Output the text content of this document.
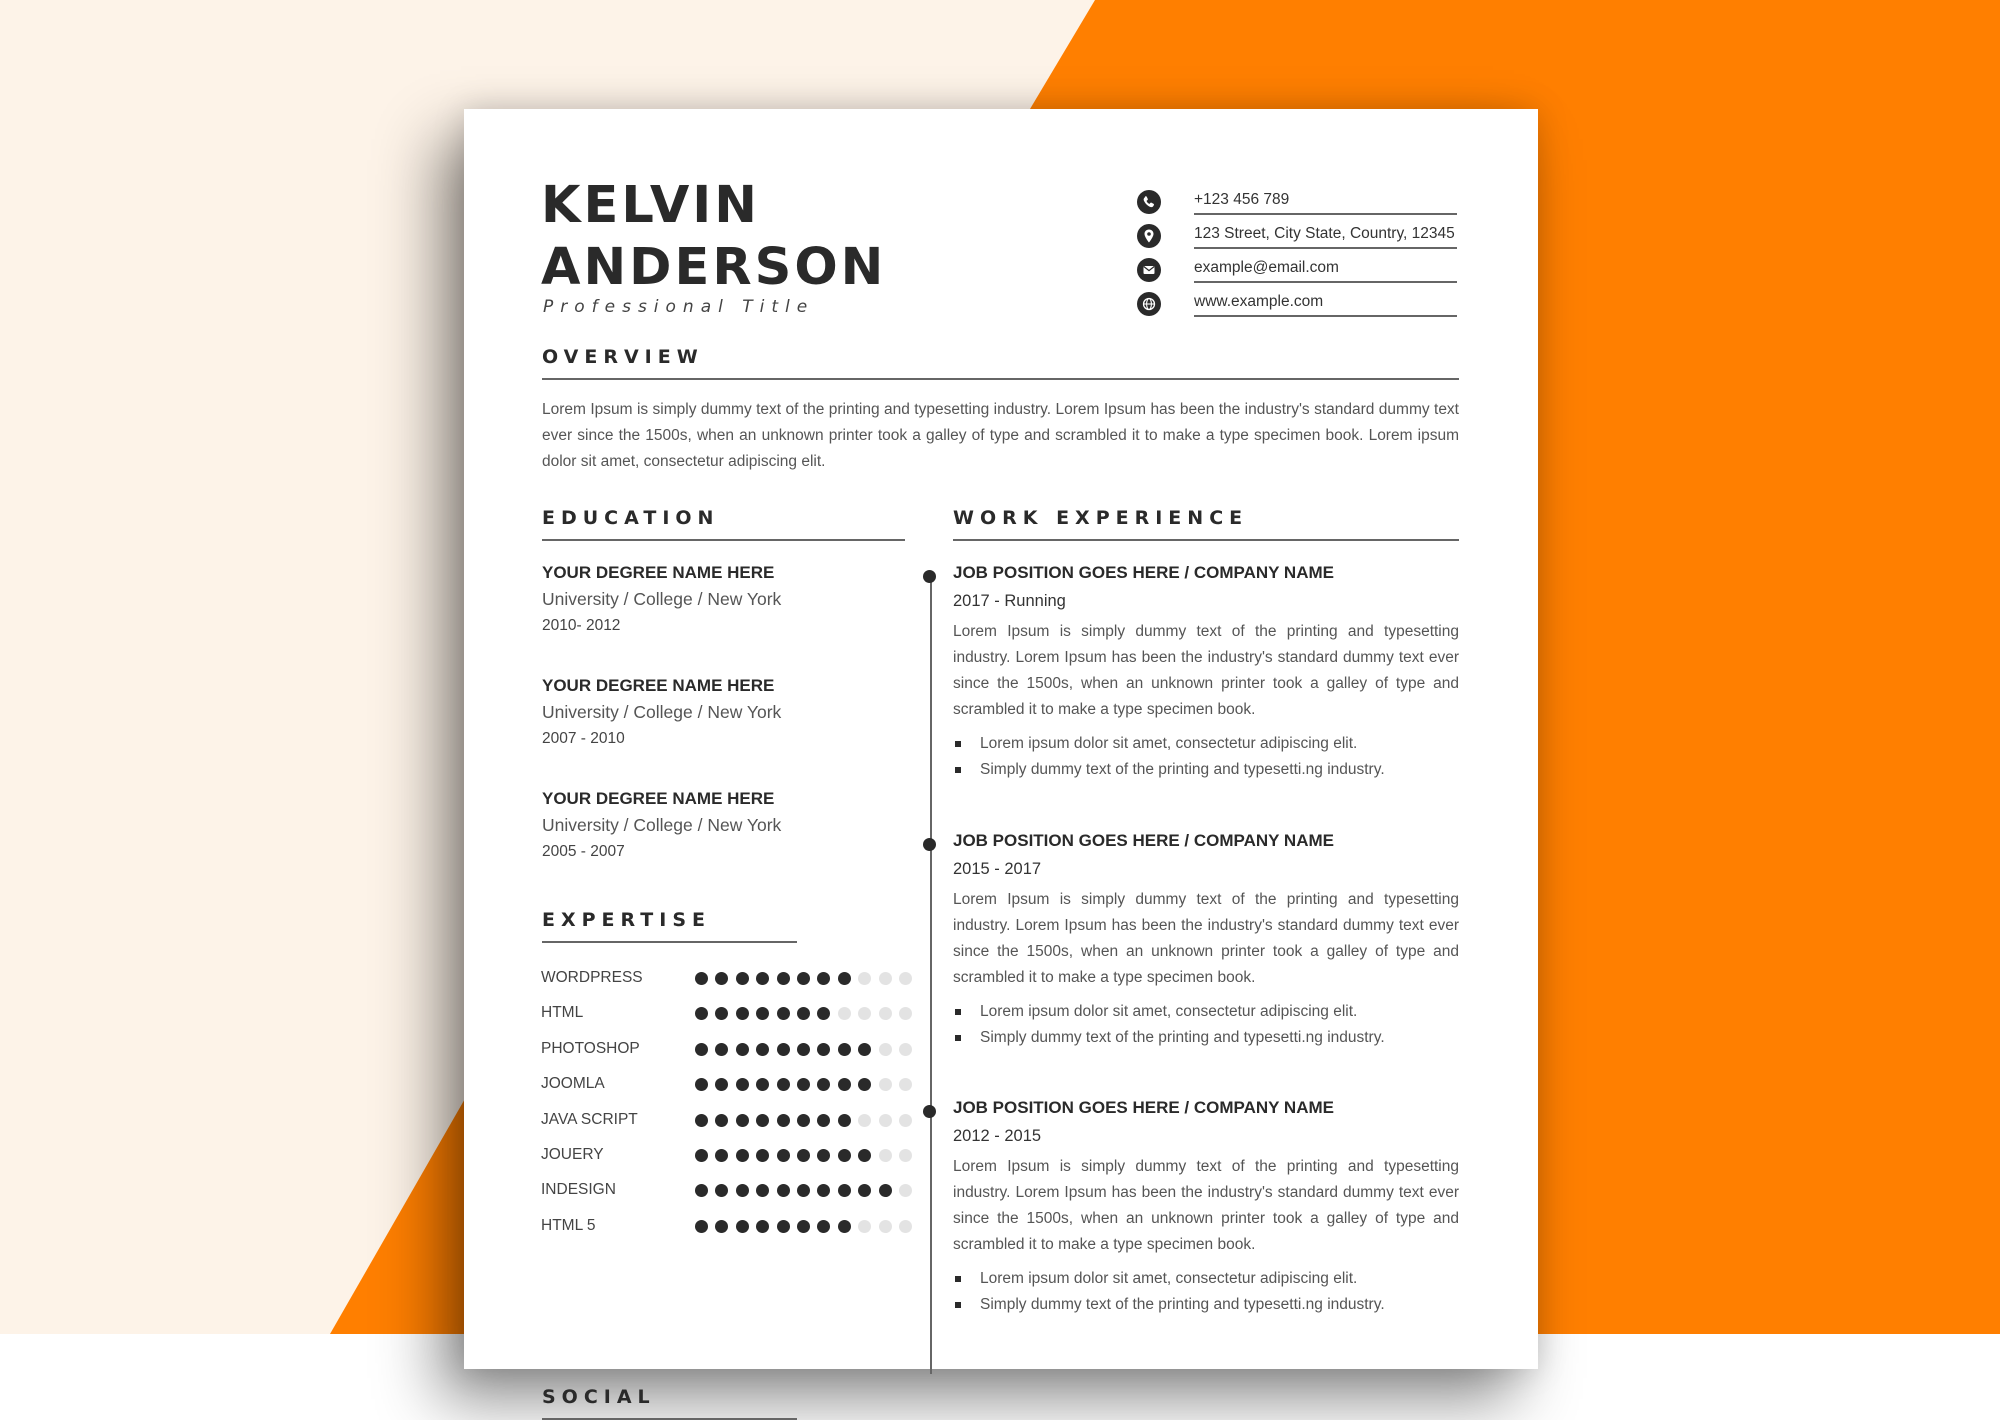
KELVIN
ANDERSON
Professional Title
+123 456 789
123 Street, City State, Country, 12345
example@email.com
www.example.com
OVERVIEW

Lorem Ipsum is simply dummy text of the printing and typesetting industry. Lorem Ipsum has been the industry's standard dummy text ever since the 1500s, when an unknown printer took a galley of type and scrambled it to make a type specimen book. Lorem ipsum dolor sit amet, consectetur adipiscing elit.

EDUCATION
YOUR DEGREE NAME HERE
University / College / New York
2010- 2012
YOUR DEGREE NAME HERE
University / College / New York
2007 - 2010
YOUR DEGREE NAME HERE
University / College / New York
2005 - 2007
EXPERTISE
WORDPRESS
HTML
PHOTOSHOP
JOOMLA
JAVA SCRIPT
JOUERY
INDESIGN
HTML 5
SOCIAL
WORK EXPERIENCE
JOB POSITION GOES HERE / COMPANY NAME
2017 - Running

Lorem Ipsum is simply dummy text of the printing and typesetting industry. Lorem Ipsum has been the industry's standard dummy text ever since the 1500s, when an unknown printer took a galley of type and scrambled it to make a type specimen book.

Lorem ipsum dolor sit amet, consectetur adipiscing elit.
Simply dummy text of the printing and typesetti.ng industry.
JOB POSITION GOES HERE / COMPANY NAME
2015 - 2017

Lorem Ipsum is simply dummy text of the printing and typesetting industry. Lorem Ipsum has been the industry's standard dummy text ever since the 1500s, when an unknown printer took a galley of type and scrambled it to make a type specimen book.

Lorem ipsum dolor sit amet, consectetur adipiscing elit.
Simply dummy text of the printing and typesetti.ng industry.
JOB POSITION GOES HERE / COMPANY NAME
2012 - 2015

Lorem Ipsum is simply dummy text of the printing and typesetting industry. Lorem Ipsum has been the industry's standard dummy text ever since the 1500s, when an unknown printer took a galley of type and scrambled it to make a type specimen book.

Lorem ipsum dolor sit amet, consectetur adipiscing elit.
Simply dummy text of the printing and typesetti.ng industry.
